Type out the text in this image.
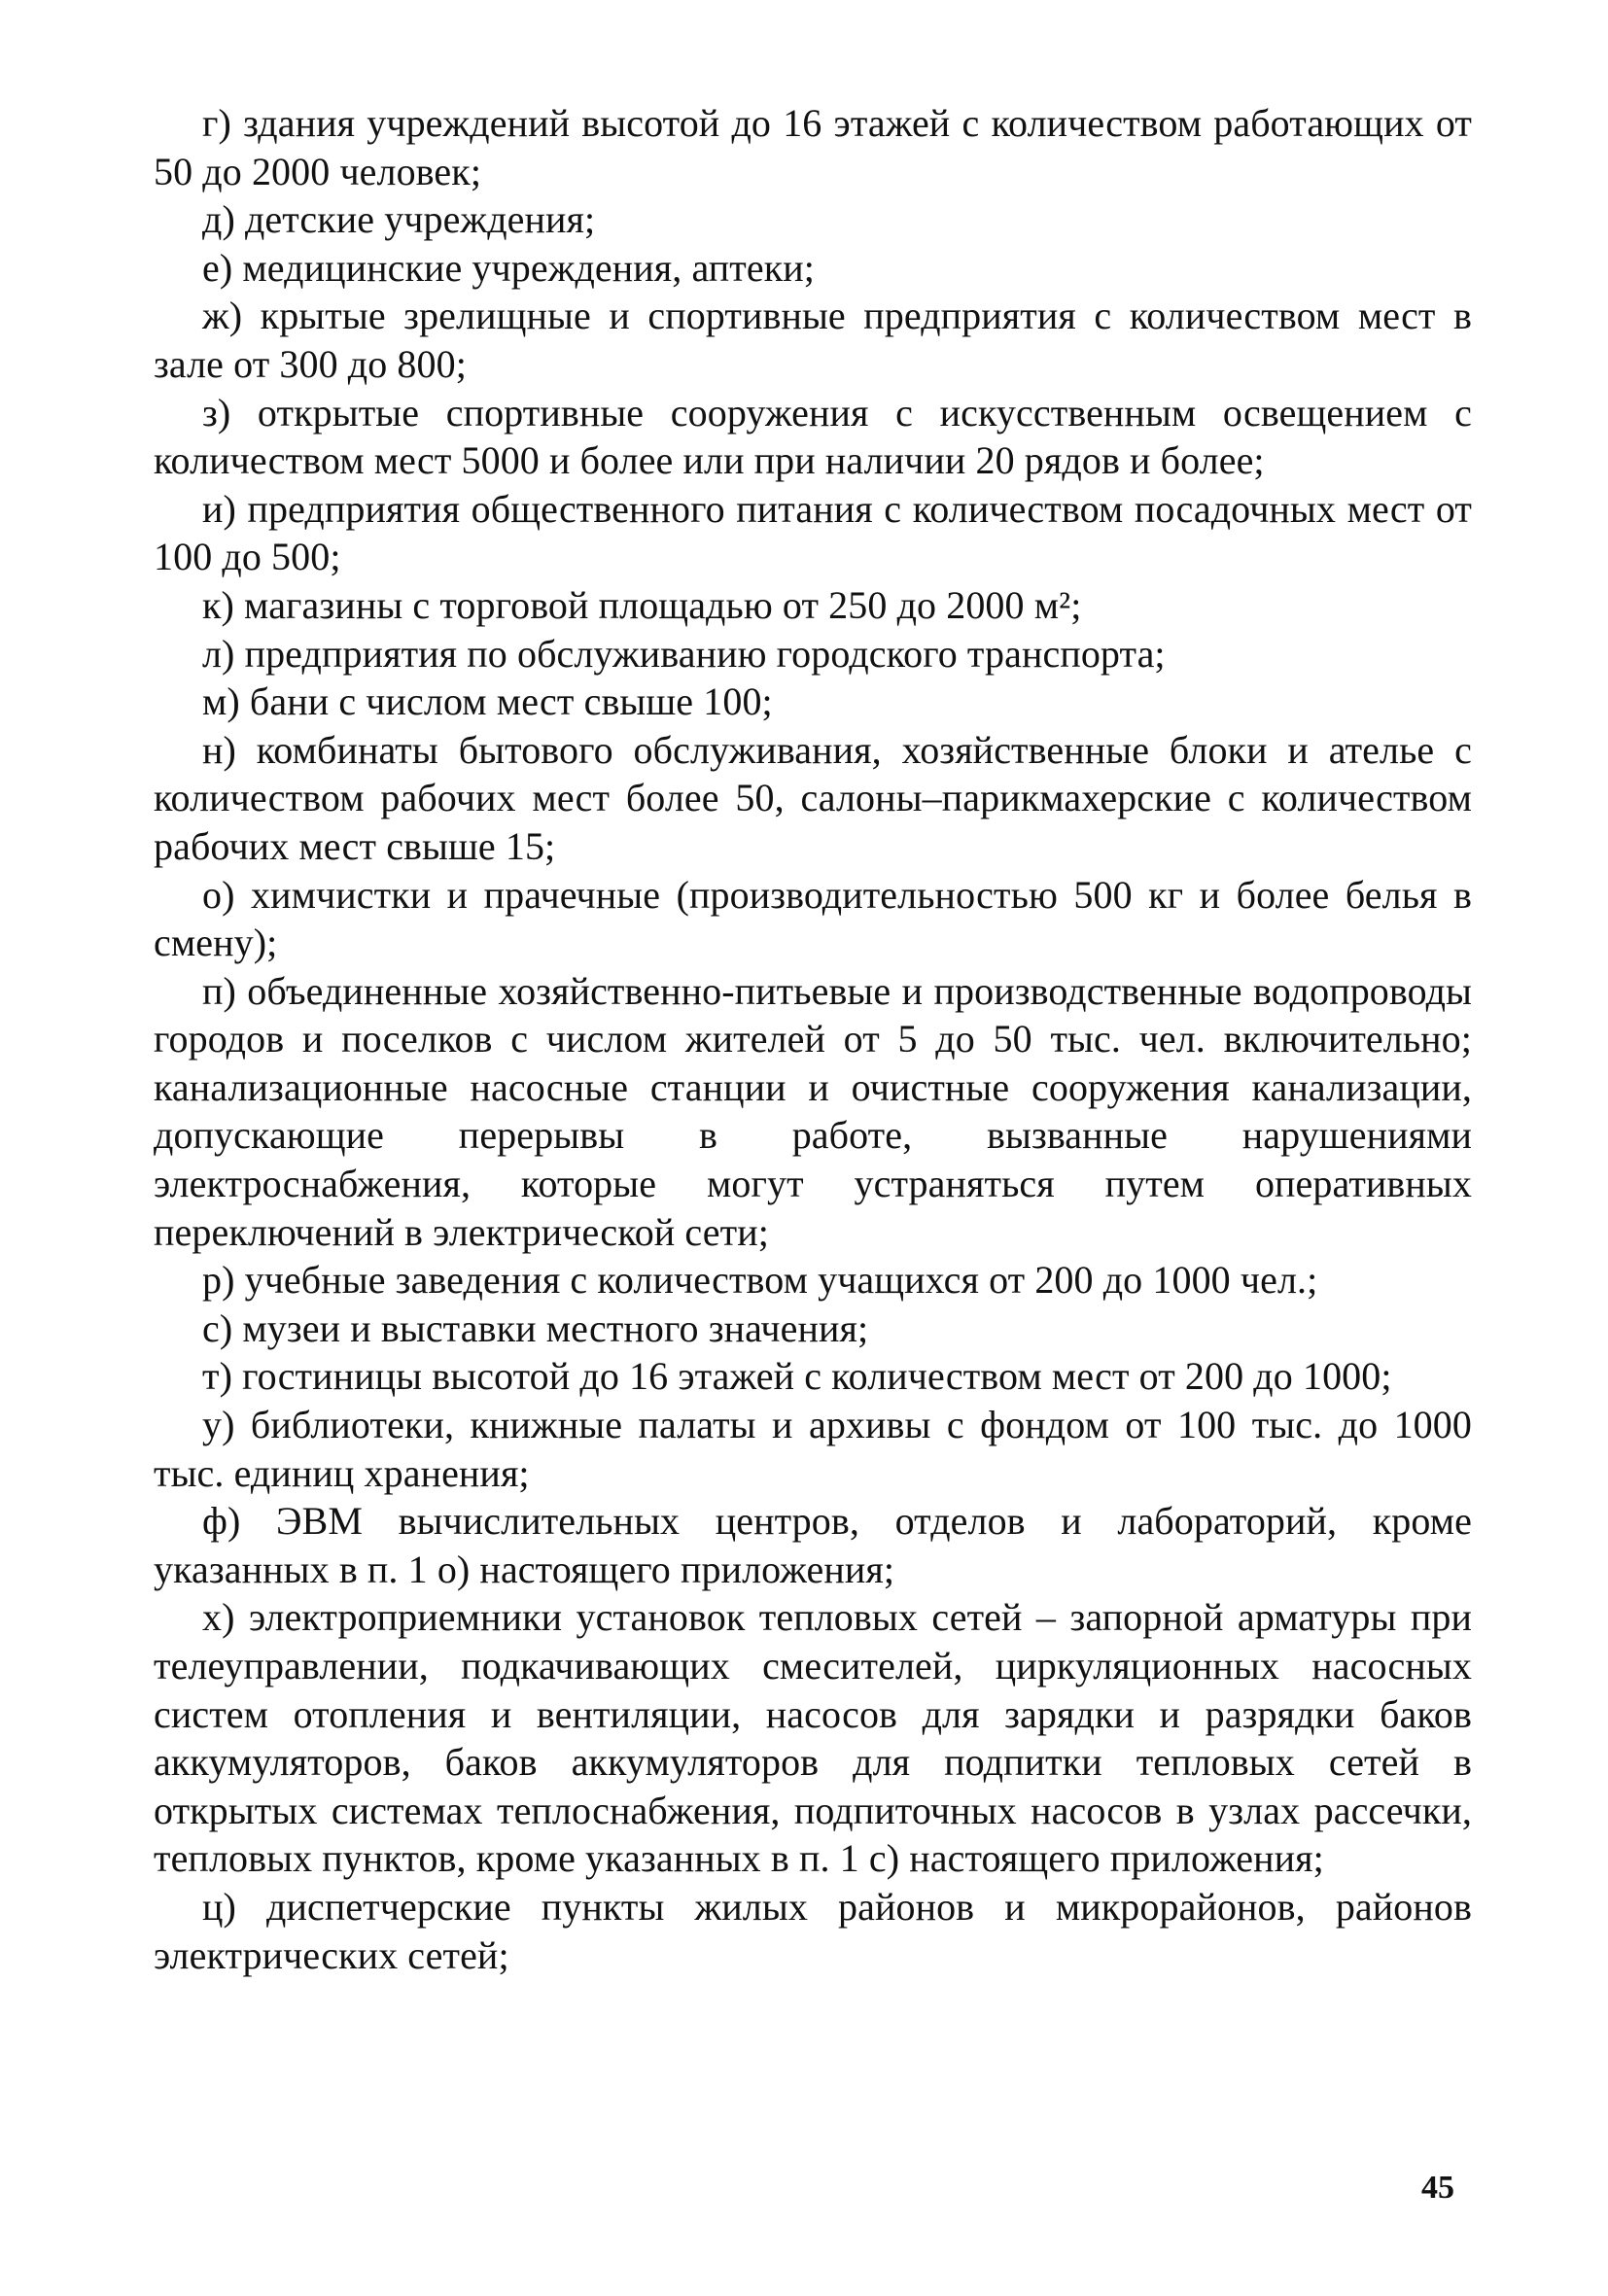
г) здания учреждений высотой до 16 этажей с количеством работающих от 50 до 2000 человек;

д) детские учреждения;

е) медицинские учреждения, аптеки;

ж) крытые зрелищные и спортивные предприятия с количеством мест в зале от 300 до 800;

з) открытые спортивные сооружения с искусственным освещением с количеством мест 5000 и более или при наличии 20 рядов и более;

и) предприятия общественного питания с количеством посадочных мест от 100 до 500;

к) магазины с торговой площадью от 250 до 2000 м²;

л) предприятия по обслуживанию городского транспорта;

м) бани с числом мест свыше 100;

н) комбинаты бытового обслуживания, хозяйственные блоки и ателье с количеством рабочих мест более 50, салоны–парикмахерские с количеством рабочих мест свыше 15;

о) химчистки и прачечные (производительностью 500 кг и более белья в смену);

п) объединенные хозяйственно-питьевые и производственные водопроводы городов и поселков с числом жителей от 5 до 50 тыс. чел. включительно; канализационные насосные станции и очистные сооружения канализации, допускающие перерывы в работе, вызванные нарушениями электроснабжения, которые могут устраняться путем оперативных переключений в электрической сети;

р) учебные заведения с количеством учащихся от 200 до 1000 чел.;

с) музеи и выставки местного значения;

т) гостиницы высотой до 16 этажей с количеством мест от 200 до 1000;

у) библиотеки, книжные палаты и архивы с фондом от 100 тыс. до 1000 тыс. единиц хранения;

ф) ЭВМ вычислительных центров, отделов и лабораторий, кроме указанных в п. 1 о) настоящего приложения;

х) электроприемники установок тепловых сетей – запорной арматуры при телеуправлении, подкачивающих смесителей, циркуляционных насосных систем отопления и вентиляции, насосов для зарядки и разрядки баков аккумуляторов, баков аккумуляторов для подпитки тепловых сетей в открытых системах теплоснабжения, подпиточных насосов в узлах рассечки, тепловых пунктов, кроме указанных в п. 1 с) настоящего приложения;

ц) диспетчерские пункты жилых районов и микрорайонов, районов электрических сетей;

45
